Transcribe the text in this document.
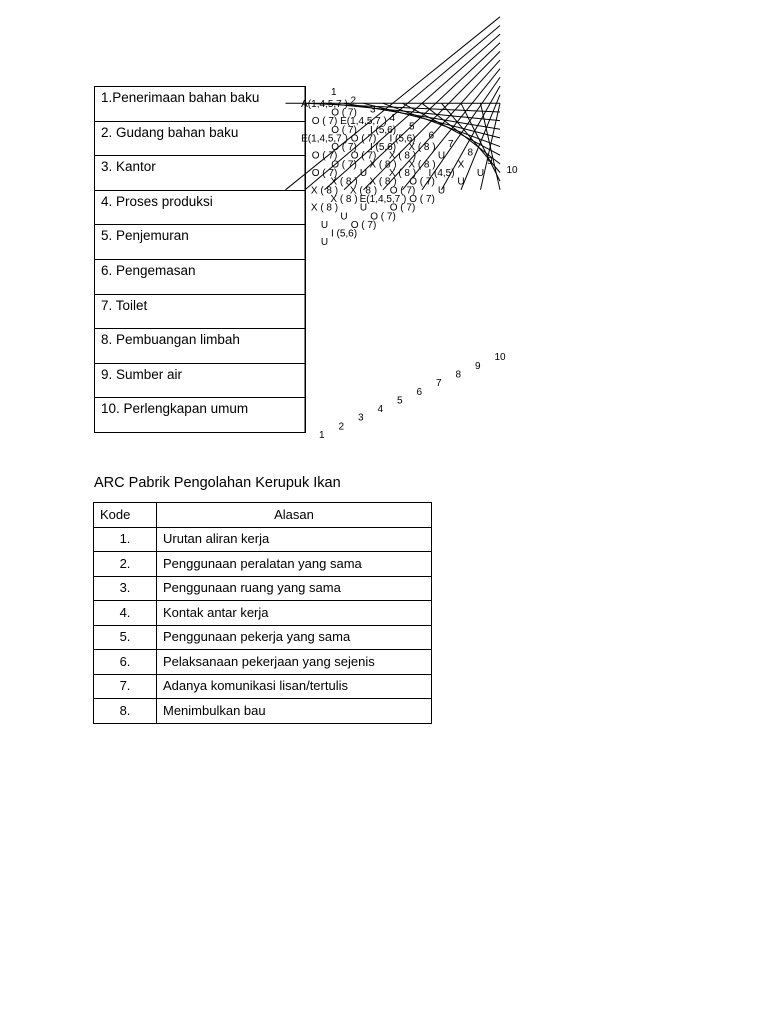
1.Penerimaan bahan baku
2. Gudang bahan baku
3. Kantor
4. Proses produksi
5. Penjemuran
6. Pengemasan
7. Toilet
8. Pembuangan limbah
9. Sumber air
10. Perlengkapan umum
A(1,4,5,7 )
O ( 7)
E(1,4,5,7 )
I (5,6)
I (5,6)
X ( 8 )
U
X
U
O ( 7)
O ( 7)
O ( 7)
I (5,6)
X ( 8 )
X ( 8 )
I (4,5)
U
E(1,4,5,7 )
O ( 7)
O ( 7)
X ( 8 )
X ( 8 )
O ( 7)
U
O ( 7)
O ( 7)
U
X ( 8 )
O ( 7)
O ( 7)
O ( 7)
X ( 8 )
X ( 8 )
E(1,4,5,7 )
O ( 7)
X ( 8 )
X ( 8 )
U
O ( 7)
X ( 8 )
U
O ( 7)
U
I (5,6)
U
1
1
2
2
3
3
4
4
5
5
6
6
7
7
8
8
9
9
10
10
ARC Pabrik Pengolahan Kerupuk Ikan
Kode	Alasan
1.	Urutan aliran kerja
2.	Penggunaan peralatan yang sama
3.	Penggunaan ruang yang sama
4.	Kontak antar kerja
5.	Penggunaan pekerja yang sama
6.	Pelaksanaan pekerjaan yang sejenis
7.	Adanya komunikasi lisan/tertulis
8.	Menimbulkan bau
